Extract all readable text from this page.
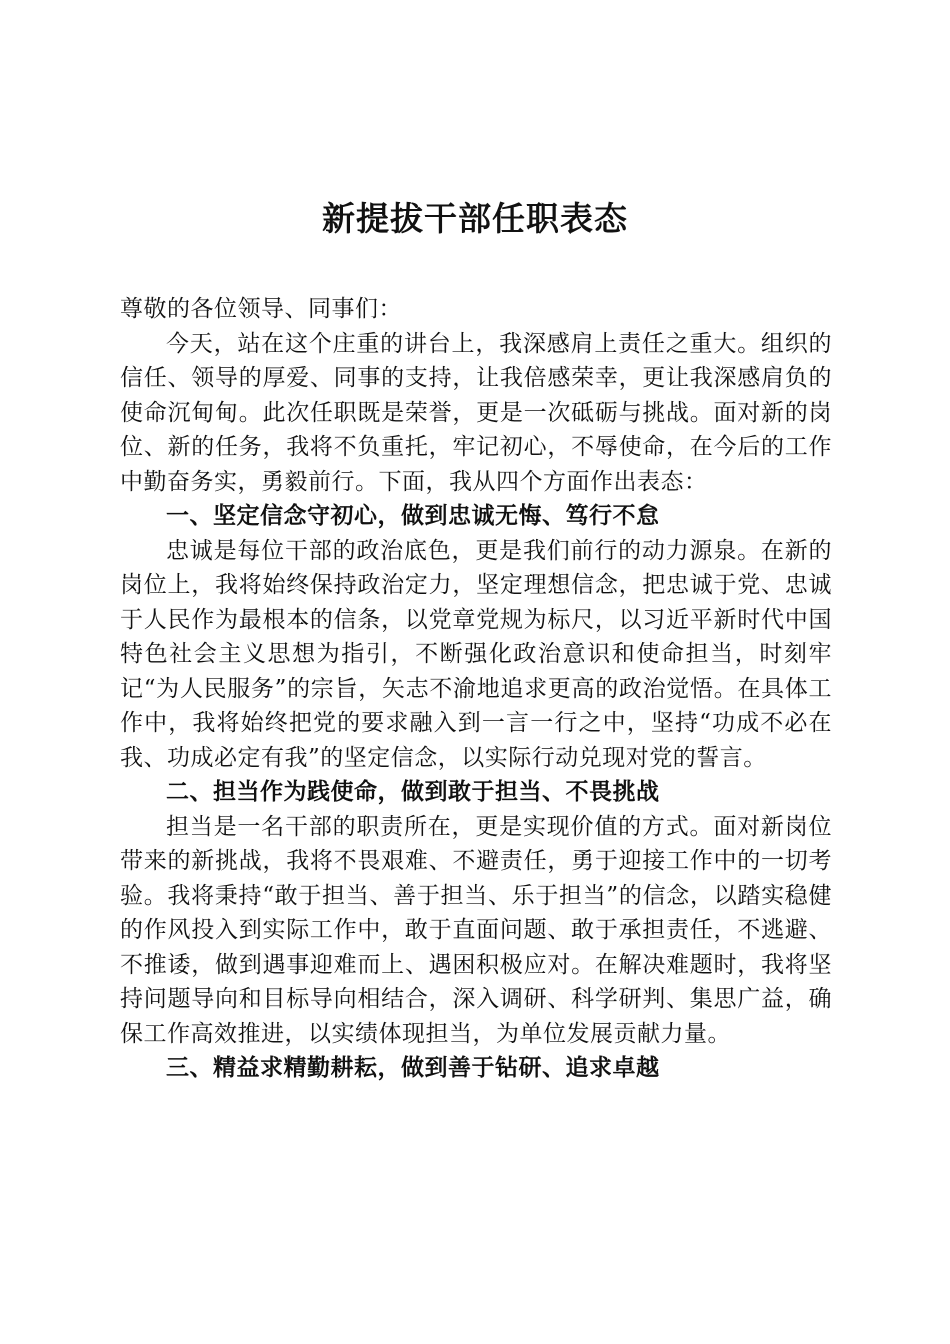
新提拔干部任职表态

尊敬的各位领导、同事们：

今天，站在这个庄重的讲台上，我深感肩上责任之重大。组织的信任、领导的厚爱、同事的支持，让我倍感荣幸，更让我深感肩负的使命沉甸甸。此次任职既是荣誉，更是一次砥砺与挑战。面对新的岗位、新的任务，我将不负重托，牢记初心，不辱使命，在今后的工作中勤奋务实，勇毅前行。下面，我从四个方面作出表态：

一、坚定信念守初心，做到忠诚无悔、笃行不怠

忠诚是每位干部的政治底色，更是我们前行的动力源泉。在新的岗位上，我将始终保持政治定力，坚定理想信念，把忠诚于党、忠诚于人民作为最根本的信条，以党章党规为标尺，以习近平新时代中国特色社会主义思想为指引，不断强化政治意识和使命担当，时刻牢记“为人民服务”的宗旨，矢志不渝地追求更高的政治觉悟。在具体工作中，我将始终把党的要求融入到一言一行之中，坚持“功成不必在我、功成必定有我”的坚定信念，以实际行动兑现对党的誓言。

二、担当作为践使命，做到敢于担当、不畏挑战

担当是一名干部的职责所在，更是实现价值的方式。面对新岗位带来的新挑战，我将不畏艰难、不避责任，勇于迎接工作中的一切考验。我将秉持“敢于担当、善于担当、乐于担当”的信念，以踏实稳健的作风投入到实际工作中，敢于直面问题、敢于承担责任，不逃避、不推诿，做到遇事迎难而上、遇困积极应对。在解决难题时，我将坚持问题导向和目标导向相结合，深入调研、科学研判、集思广益，确保工作高效推进，以实绩体现担当，为单位发展贡献力量。

三、精益求精勤耕耘，做到善于钻研、追求卓越
